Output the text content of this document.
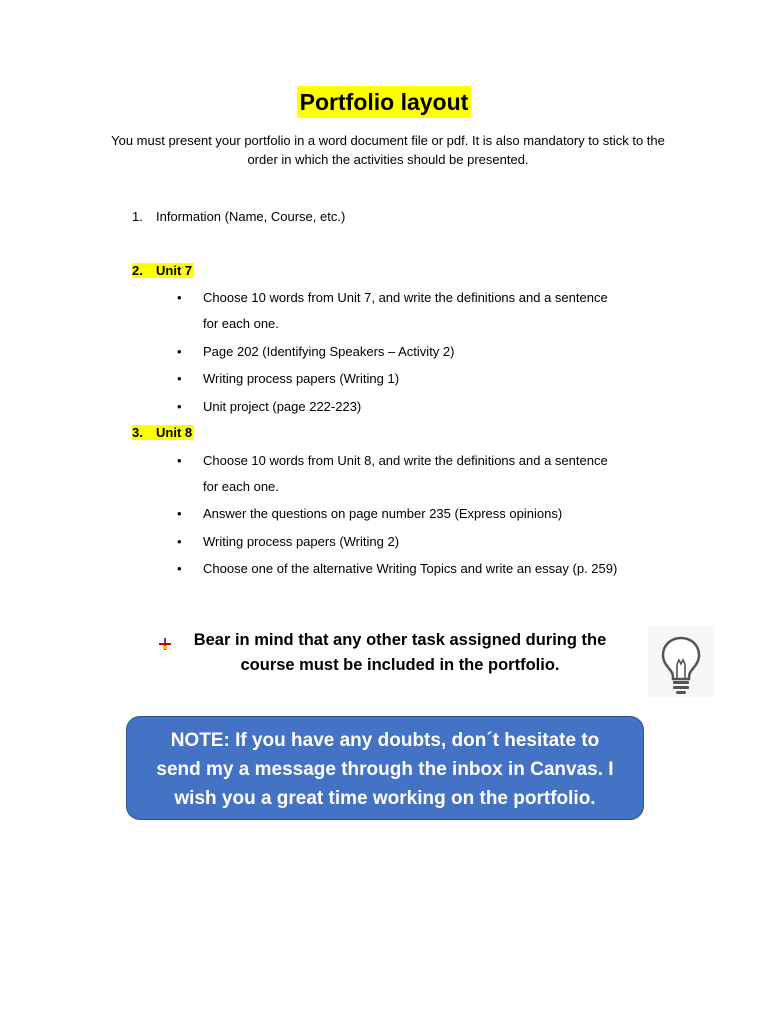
Portfolio layout
You must present your portfolio in a word document file or pdf. It is also mandatory to stick to the order in which the activities should be presented.
1. Information (Name, Course, etc.)
2. Unit 7
• Choose 10 words from Unit 7, and write the definitions and a sentence
for each one.
• Page 202 (Identifying Speakers – Activity 2)
• Writing process papers (Writing 1)
• Unit project (page 222-223)
3. Unit 8
• Choose 10 words from Unit 8, and write the definitions and a sentence
for each one.
• Answer the questions on page number 235 (Express opinions)
• Writing process papers (Writing 2)
• Choose one of the alternative Writing Topics and write an essay (p. 259)
Bear in mind that any other task assigned during the
course must be included in the portfolio.
NOTE: If you have any doubts, don´t hesitate to
send my a message through the inbox in Canvas. I
wish you a great time working on the portfolio.
